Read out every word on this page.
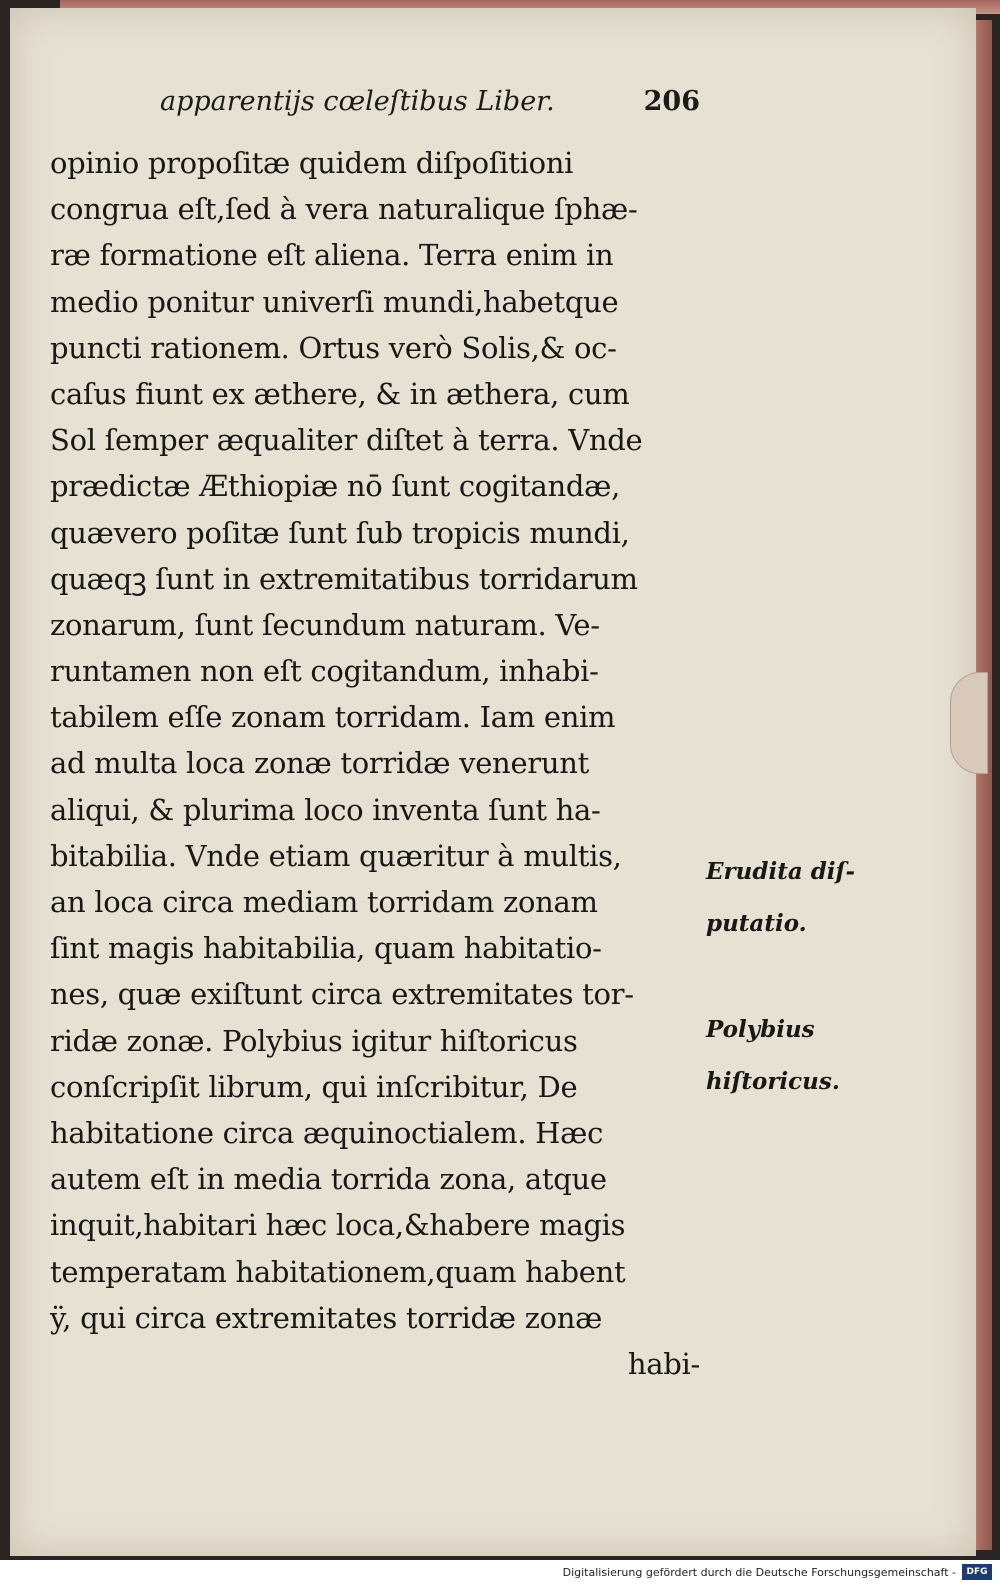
apparentijs cœleſtibus Liber.	206
opinio propoſitæ quidem diſpoſitioni
congrua eſt,ſed à vera naturalique ſphæ-
ræ formatione eſt aliena. Terra enim in
medio ponitur univerſi mundi,habetque
puncti rationem. Ortus verò Solis,& oc-
caſus fiunt ex æthere, & in æthera, cum
Sol ſemper æqualiter diſtet à terra. Vnde
prædictæ Æthiopiæ nō ſunt cogitandæ,
quævero poſitæ ſunt ſub tropicis mundi,
quæqꝫ ſunt in extremitatibus torridarum
zonarum, ſunt ſecundum naturam. Ve-
runtamen non eſt cogitandum, inhabi-
tabilem eſſe zonam torridam. Iam enim
ad multa loca zonæ torridæ venerunt
aliqui, & plurima loco inventa ſunt ha-
bitabilia. Vnde etiam quæritur à multis,
an loca circa mediam torridam zonam
ſint magis habitabilia, quam habitatio-
nes, quæ exiſtunt circa extremitates tor-
ridæ zonæ. Polybius igitur hiſtoricus
conſcripſit librum, qui inſcribitur, De
habitatione circa æquinoctialem. Hæc
autem eſt in media torrida zona, atque
inquit,habitari hæc loca,&habere magis
temperatam habitationem,quam habent
ÿ, qui circa extremitates torridæ zonæ
habi-
Erudita diſ-
putatio.
Polybius
hiſtoricus.
Digitalisierung gefördert durch die Deutsche Forschungsgemeinschaft -	DFG
